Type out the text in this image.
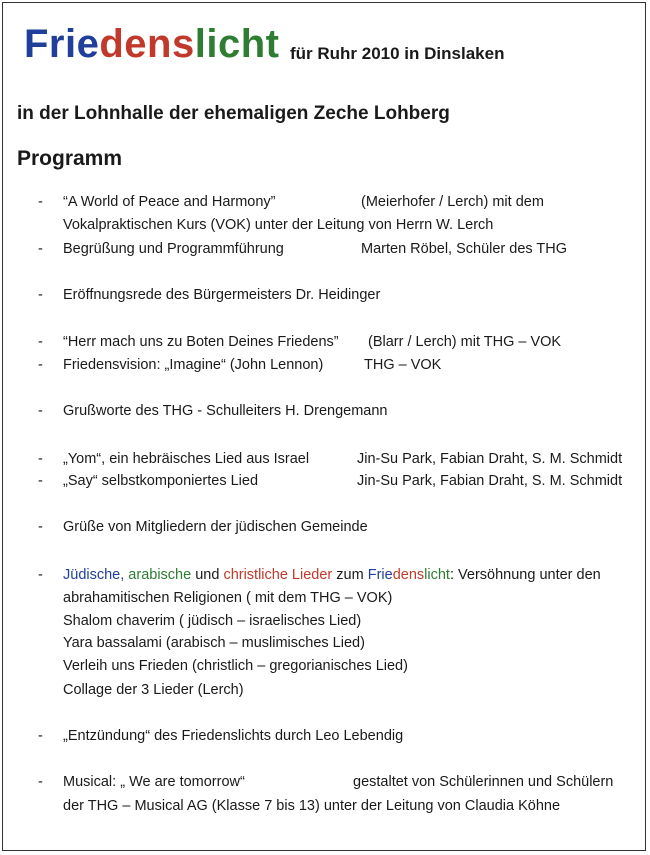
Friedenslicht für Ruhr 2010 in Dinslaken
in der Lohnhalle der ehemaligen Zeche Lohberg
Programm
- “A World of Peace and Harmony”	(Meierhofer / Lerch) mit dem
Vokalpraktischen Kurs (VOK) unter der Leitung von Herrn W. Lerch
- Begrüßung und Programmführung	Marten Röbel, Schüler des THG
- Eröffnungsrede des Bürgermeisters Dr. Heidinger
- “Herr mach uns zu Boten Deines Friedens” (Blarr / Lerch) mit THG – VOK
- Friedensvision: „Imagine“ (John Lennon)	THG – VOK
- Grußworte des THG - Schulleiters H. Drengemann
- „Yom“, ein hebräisches Lied aus Israel	Jin-Su Park, Fabian Draht, S. M. Schmidt
- „Say“ selbstkomponiertes Lied	Jin-Su Park, Fabian Draht, S. M. Schmidt
- Grüße von Mitgliedern der jüdischen Gemeinde
- Jüdische, arabische und christliche Lieder zum Friedenslicht: Versöhnung unter den
abrahamitischen Religionen ( mit dem THG – VOK)
Shalom chaverim ( jüdisch – israelisches Lied)
Yara bassalami (arabisch – muslimisches Lied)
Verleih uns Frieden (christlich – gregorianisches Lied)
Collage der 3 Lieder (Lerch)
- „Entzündung“ des Friedenslichts durch Leo Lebendig
- Musical: „ We are tomorrow“	gestaltet von Schülerinnen und Schülern
der THG – Musical AG (Klasse 7 bis 13) unter der Leitung von Claudia Köhne
